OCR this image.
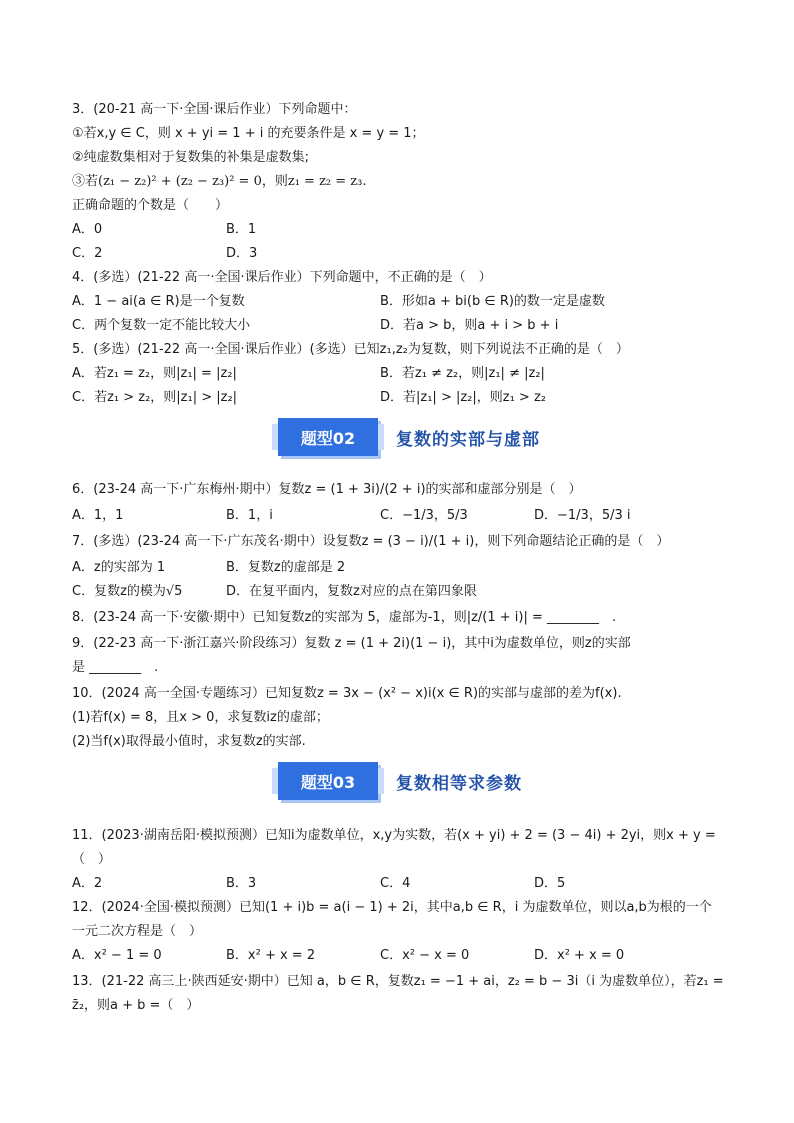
3．(20-21 高一下·全国·课后作业）下列命题中：
①若x,y ∈ C，则 x + yi = 1 + i 的充要条件是 x = y = 1；
②纯虚数集相对于复数集的补集是虚数集;
③若(z₁ − z₂)² + (z₂ − z₃)² = 0，则z₁ = z₂ = z₃.
正确命题的个数是（　　）
A．0	B．1
C．2	D．3
4．(多选）(21-22 高一·全国·课后作业）下列命题中，不正确的是（　）
A．1 − ai(a ∈ R)是一个复数	B．形如a + bi(b ∈ R)的数一定是虚数
C．两个复数一定不能比较大小	D．若a > b，则a + i > b + i
5．(多选）(21-22 高一·全国·课后作业）(多选）已知z₁,z₂为复数，则下列说法不正确的是（　）
A．若z₁ = z₂，则|z₁| = |z₂|	B．若z₁ ≠ z₂，则|z₁| ≠ |z₂|
C．若z₁ > z₂，则|z₁| > |z₂|	D．若|z₁| > |z₂|，则z₁ > z₂
题型02	复数的实部与虚部
6．(23-24 高一下·广东梅州·期中）复数z = (1 + 3i)/(2 + i)的实部和虚部分别是（　）
A．1，1	B．1，i	C．−1/3，5/3	D．−1/3，5/3 i
7．(多选）(23-24 高一下·广东茂名·期中）设复数z = (3 − i)/(1 + i)，则下列命题结论正确的是（　）
A．z的实部为 1	B．复数z的虚部是 2
C．复数z的模为√5	D．在复平面内，复数z对应的点在第四象限
8．(23-24 高一下·安徽·期中）已知复数z的实部为 5，虚部为-1，则|z/(1 + i)| = ________　.
9．(22-23 高一下·浙江嘉兴·阶段练习）复数 z = (1 + 2i)(1 − i)，其中i为虚数单位，则z的实部
是 ________　.
10．(2024 高一全国·专题练习）已知复数z = 3x − (x² − x)i(x ∈ R)的实部与虚部的差为f(x).
(1)若f(x) = 8，且x > 0，求复数iz的虚部；
(2)当f(x)取得最小值时，求复数z的实部.
题型03	复数相等求参数
11．(2023·湖南岳阳·模拟预测）已知i为虚数单位，x,y为实数，若(x + yi) + 2 = (3 − 4i) + 2yi，则x + y =
（　）
A．2	B．3	C．4	D．5
12．(2024·全国·模拟预测）已知(1 + i)b = a(i − 1) + 2i，其中a,b ∈ R，i 为虚数单位，则以a,b为根的一个
一元二次方程是（　）
A．x² − 1 = 0	B．x² + x = 2	C．x² − x = 0	D．x² + x = 0
13．(21-22 高三上·陕西延安·期中）已知 a，b ∈ R，复数z₁ = −1 + ai，z₂ = b − 3i（i 为虚数单位），若z₁ =
z̄₂，则a + b =（　）
